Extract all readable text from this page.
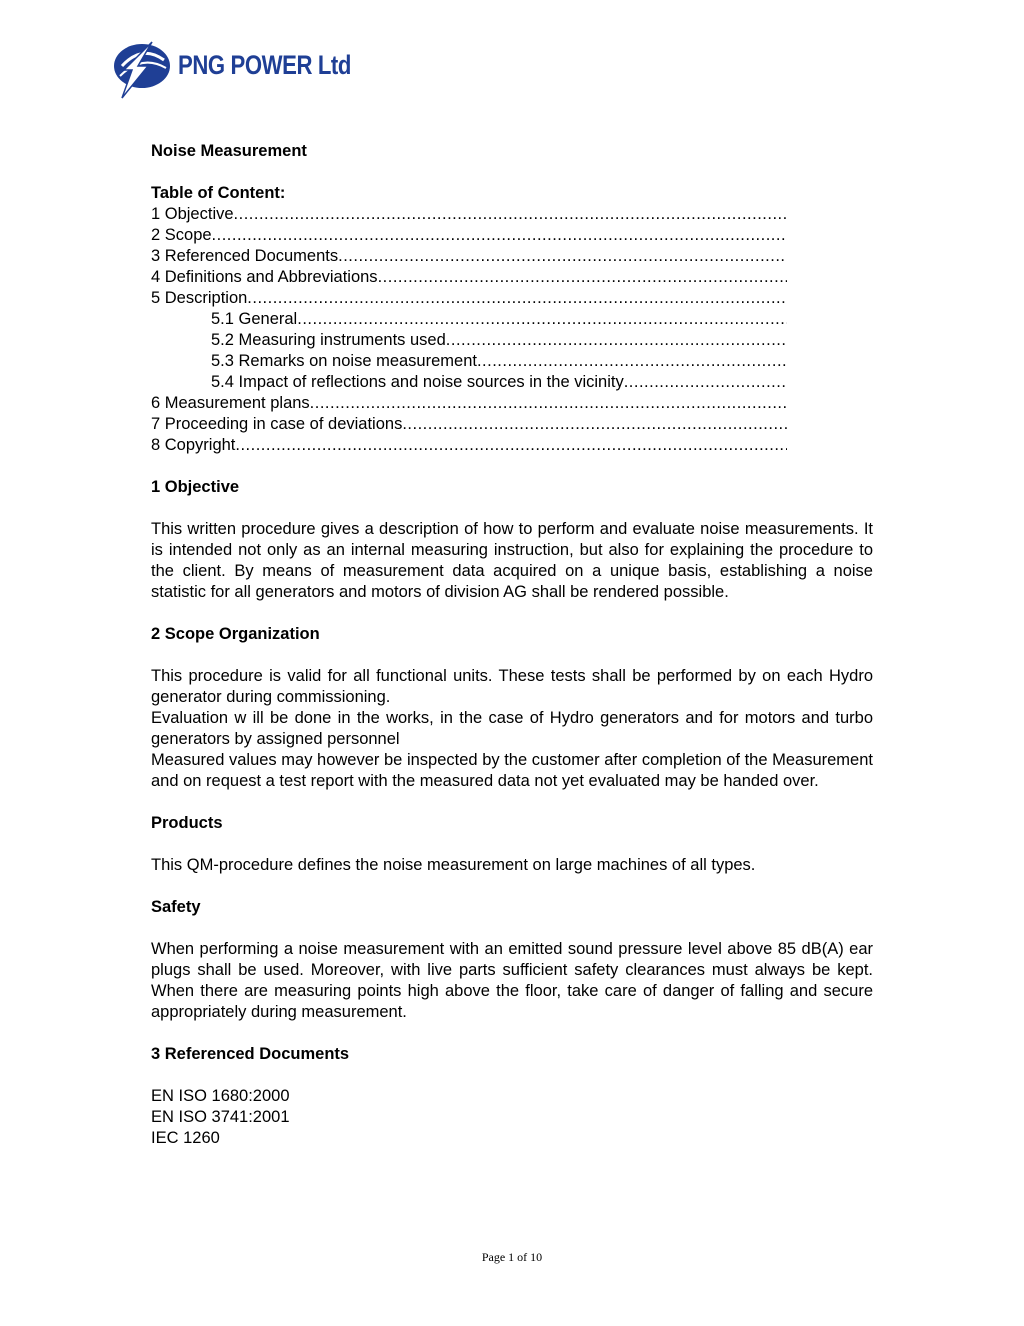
PNG POWER Ltd

Noise Measurement

Table of Content:

1 Objective
.....
2 Scope
.....
3 Referenced Documents
.....
4 Definitions and Abbreviations
.....
5 Description
.....
5.1 General
.....
5.2 Measuring instruments used
.....
5.3 Remarks on noise measurement
.....
5.4 Impact of reflections and noise sources in the vicinity
.....
6 Measurement plans
.....
7 Proceeding in case of deviations
.....
8 Copyright
.....

1 Objective

This written procedure gives a description of how to perform and evaluate noise measurements. It is intended not only as an internal measuring instruction, but also for explaining the procedure to the client. By means of measurement data acquired on a unique basis, establishing a noise statistic for all generators and motors of division AG shall be rendered possible.

2 Scope Organization

This procedure is valid for all functional units. These tests shall be performed by on each Hydro generator during commissioning.

Evaluation w ill be done in the works, in the case of Hydro generators and for motors and turbo generators by assigned personnel

Measured values may however be inspected by the customer after completion of the Measurement and on request a test report with the measured data not yet evaluated may be handed over.

Products

This QM-procedure defines the noise measurement on large machines of all types.

Safety

When performing a noise measurement with an emitted sound pressure level above 85 dB(A) ear plugs shall be used. Moreover, with live parts sufficient safety clearances must always be kept. When there are measuring points high above the floor, take care of danger of falling and secure appropriately during measurement.

3 Referenced Documents

EN ISO 1680:2000
EN ISO 3741:2001
IEC 1260
Page 1 of 10
